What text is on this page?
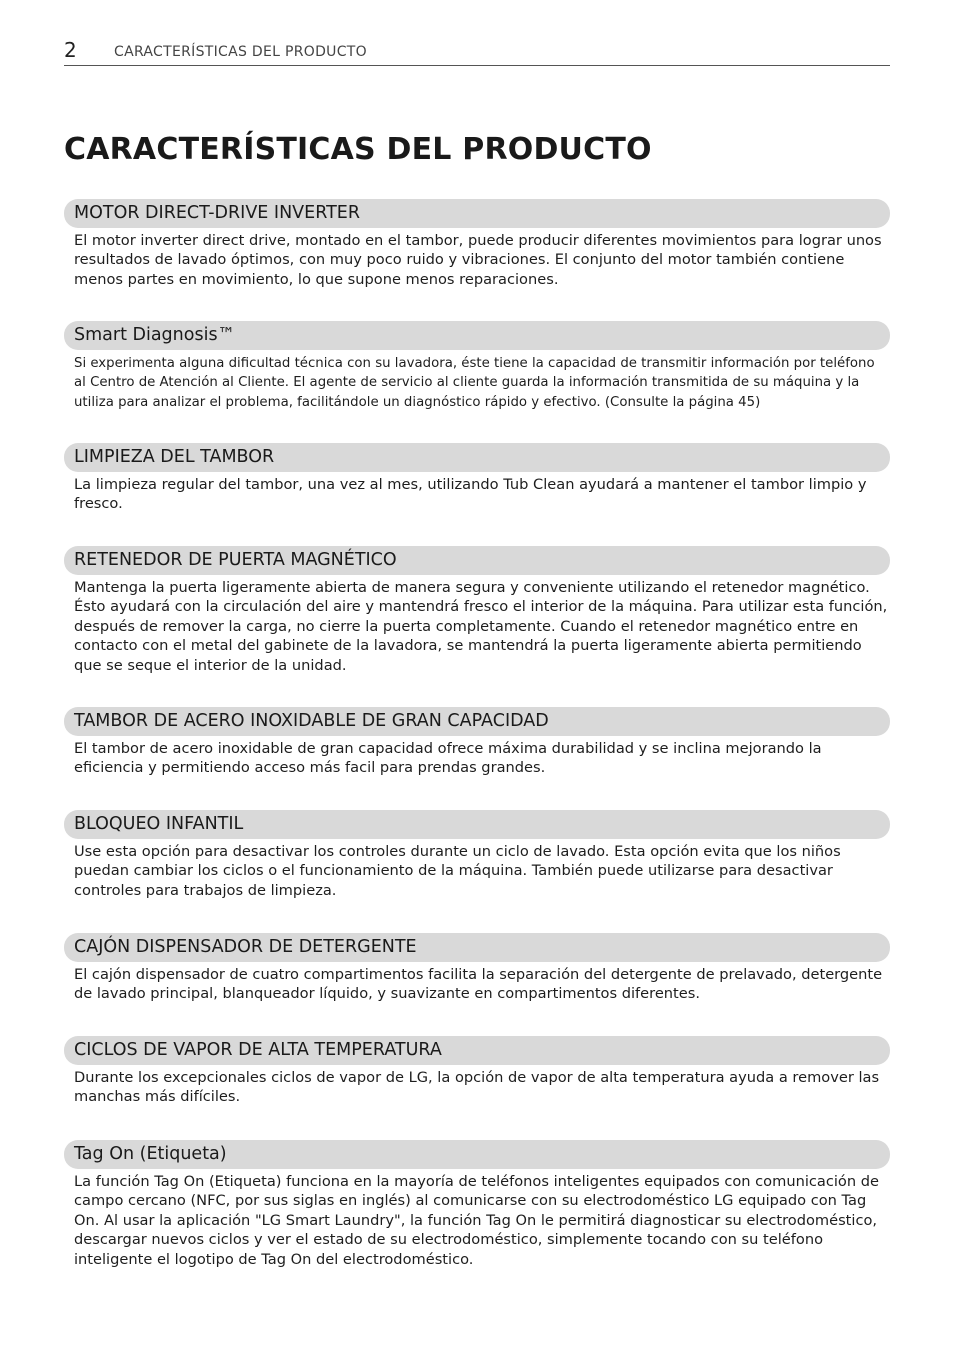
2	CARACTERÍSTICAS DEL PRODUCTO
CARACTERÍSTICAS DEL PRODUCTO
MOTOR DIRECT-DRIVE INVERTER

El motor inverter direct drive, montado en el tambor, puede producir diferentes movimientos para lograr unos resultados de lavado óptimos, con muy poco ruido y vibraciones. El conjunto del motor también contiene menos partes en movimiento, lo que supone menos reparaciones.

Smart Diagnosis™

Si experimenta alguna dificultad técnica con su lavadora, éste tiene la capacidad de transmitir información por teléfono al Centro de Atención al Cliente. El agente de servicio al cliente guarda la información transmitida de su máquina y la utiliza para analizar el problema, facilitándole un diagnóstico rápido y efectivo. (Consulte la página 45)

LIMPIEZA DEL TAMBOR

La limpieza regular del tambor, una vez al mes, utilizando Tub Clean ayudará a mantener el tambor limpio y fresco.

RETENEDOR DE PUERTA MAGNÉTICO

Mantenga la puerta ligeramente abierta de manera segura y conveniente utilizando el retenedor magnético. Ésto ayudará con la circulación del aire y mantendrá fresco el interior de la máquina. Para utilizar esta función, después de remover la carga, no cierre la puerta completamente. Cuando el retenedor magnético entre en contacto con el metal del gabinete de la lavadora, se mantendrá la puerta ligeramente abierta permitiendo que se seque el interior de la unidad.

TAMBOR DE ACERO INOXIDABLE DE GRAN CAPACIDAD

El tambor de acero inoxidable de gran capacidad ofrece máxima durabilidad y se inclina mejorando la eficiencia y permitiendo acceso más facil para prendas grandes.

BLOQUEO INFANTIL

Use esta opción para desactivar los controles durante un ciclo de lavado. Esta opción evita que los niños puedan cambiar los ciclos o el funcionamiento de la máquina. También puede utilizarse para desactivar controles para trabajos de limpieza.

CAJÓN DISPENSADOR DE DETERGENTE

El cajón dispensador de cuatro compartimentos facilita la separación del detergente de prelavado, detergente de lavado principal, blanqueador líquido, y suavizante en compartimentos diferentes.

CICLOS DE VAPOR DE ALTA TEMPERATURA

Durante los excepcionales ciclos de vapor de LG, la opción de vapor de alta temperatura ayuda a remover las manchas más difíciles.

Tag On (Etiqueta)

La función Tag On (Etiqueta) funciona en la mayoría de teléfonos inteligentes equipados con comunicación de campo cercano (NFC, por sus siglas en inglés) al comunicarse con su electrodoméstico LG equipado con Tag On. Al usar la aplicación "LG Smart Laundry", la función Tag On le permitirá diagnosticar su electrodoméstico, descargar nuevos ciclos y ver el estado de su electrodoméstico, simplemente tocando con su teléfono inteligente el logotipo de Tag On del electrodoméstico.
